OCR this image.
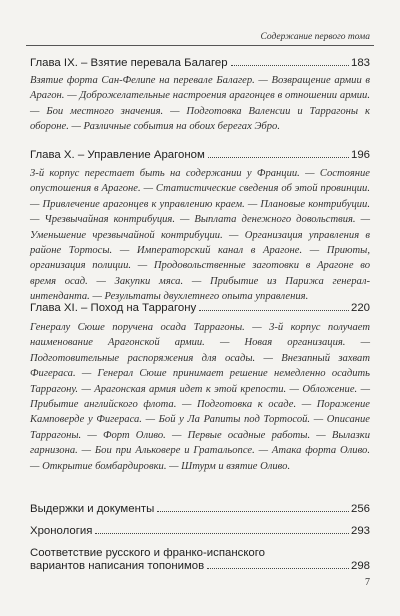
Содержание первого тома
Глава IX. – Взятие перевала Балагер	183
Взятие форта Сан-Фелипе на перевале Балагер. — Возвращение армии в Арагон. — Доброжелательные настроения арагонцев в отношении армии. — Бои местного значения. — Подготовка Валенсии и Таррагоны к обороне. — Различные события на обоих берегах Эбро.
Глава X. – Управление Арагоном	196
3-й корпус перестает быть на содержании у Франции. — Состояние опустошения в Арагоне. — Статистические сведения об этой провинции. — Привлечение арагонцев к управлению краем. — Плановые контрибуции. — Чрезвычайная контрибуция. — Выплата денежного довольствия. — Уменьшение чрезвычайной контрибуции. — Организация управления в районе Тортосы. — Императорский канал в Арагоне. — Приюты, организация полиции. — Продовольственные заготовки в Арагоне во время осад. — Закупки мяса. — Прибытие из Парижа генерал-интенданта. — Результаты двухлетнего опыта управления.
Глава XI. – Поход на Таррагону	220
Генералу Сюше поручена осада Таррагоны. — 3-й корпус получает наименование Арагонской армии. — Новая организация. — Подготовительные распоряжения для осады. — Внезапный захват Фигераса. — Генерал Сюше принимает решение немедленно осадить Таррагону. — Арагонская армия идет к этой крепости. — Обложение. — Прибытие английского флота. — Подготовка к осаде. — Поражение Камповерде у Фигераса. — Бой у Ла Рапиты под Тортосой. — Описание Таррагоны. — Форт Оливо. — Первые осадные работы. — Вылазки гарнизона. — Бои при Альковере и Гратальопсе. — Атака форта Оливо. — Открытие бомбардировки. — Штурм и взятие Оливо.
Выдержки и документы	256
Хронология	293
Соответствие русского и франко-испанского
вариантов написания топонимов	298
7
